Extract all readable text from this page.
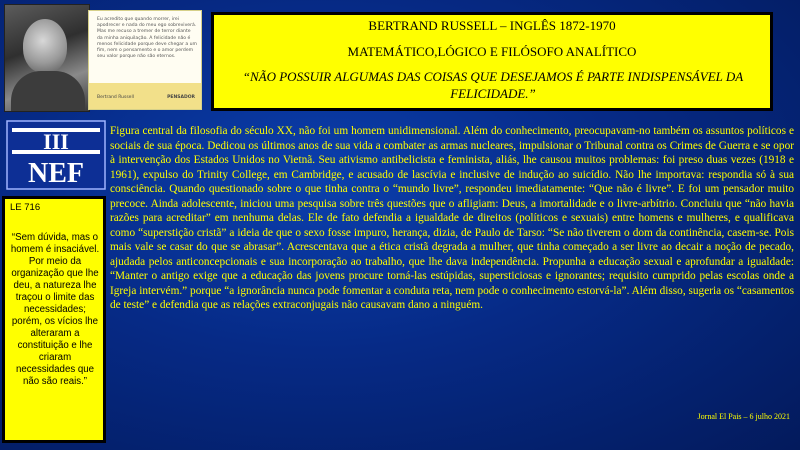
Eu acredito que quando morrer, irei apodrecer e nada do meu ego sobreviverá. Mas me recuso a tremer de terror diante da minha aniquilação. A felicidade não é menos felicidade porque deve chegar a um fim, nem o pensamento e o amor perdem seu valor porque não são eternos.
Bertrand Russell	PENSADOR
BERTRAND RUSSELL – INGLÊS 1872-1970
MATEMÁTICO,LÓGICO E FILÓSOFO ANALÍTICO
“NÃO POSSUIR ALGUMAS DAS COISAS QUE DESEJAMOS É PARTE INDISPENSÁVEL DA FELICIDADE.”
III
NEF
LE 716
“Sem dúvida, mas o homem é insaciável. Por meio da organização que lhe deu, a natureza lhe traçou o limite das necessidades; porém, os vícios lhe alteraram a constituição e lhe criaram necessidades que não são reais.”

Figura central da filosofia do século XX, não foi um homem unidimensional. Além do conhecimento, preocupavam-no também os assuntos políticos e sociais de sua época. Dedicou os últimos anos de sua vida a combater as armas nucleares, impulsionar o Tribunal contra os Crimes de Guerra e se opor à intervenção dos Estados Unidos no Vietnã. Seu ativismo antibelicista e feminista, aliás, lhe causou muitos problemas: foi preso duas vezes (1918 e 1961), expulso do Trinity College, em Cambridge, e acusado de lascívia e inclusive de indução ao suicídio. Não lhe importava: respondia só à sua consciência. Quando questionado sobre o que tinha contra o “mundo livre”, respondeu imediatamente: “Que não é livre”. E foi um pensador muito precoce. Ainda adolescente, iniciou uma pesquisa sobre três questões que o afligiam: Deus, a imortalidade e o livre-arbítrio. Concluiu que “não havia razões para acreditar” em nenhuma delas. Ele de fato defendia a igualdade de direitos (políticos e sexuais) entre homens e mulheres, e qualificava como “superstição cristã” a ideia de que o sexo fosse impuro, herança, dizia, de Paulo de Tarso: “Se não tiverem o dom da continência, casem-se. Pois mais vale se casar do que se abrasar”. Acrescentava que a ética cristã degrada a mulher, que tinha começado a ser livre ao decair a noção de pecado, ajudada pelos anticoncepcionais e sua incorporação ao trabalho, que lhe dava independência. Propunha a educação sexual e aprofundar a igualdade: “Manter o antigo exige que a educação das jovens procure torná-las estúpidas, supersticiosas e ignorantes; requisito cumprido pelas escolas onde a Igreja intervém.” porque “a ignorância nunca pode fomentar a conduta reta, nem pode o conhecimento estorvá-la”. Além disso, sugeria os “casamentos de teste” e defendia que as relações extraconjugais não causavam dano a ninguém.

Jornal El Pais – 6 julho 2021
